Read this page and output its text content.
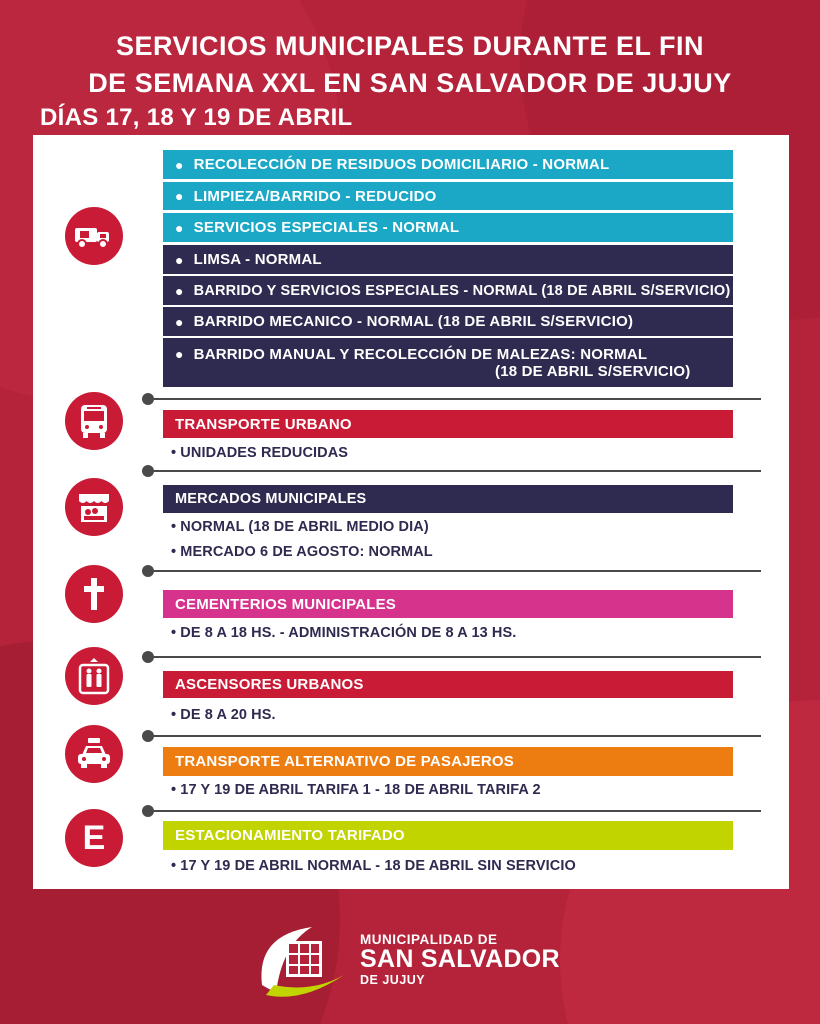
SERVICIOS MUNICIPALES DURANTE EL FIN
DE SEMANA XXL EN SAN SALVADOR DE JUJUY
DÍAS 17, 18 Y 19 DE ABRIL
● RECOLECCIÓN DE RESIDUOS DOMICILIARIO - NORMAL
● LIMPIEZA/BARRIDO - REDUCIDO
● SERVICIOS ESPECIALES - NORMAL
● LIMSA - NORMAL
● BARRIDO Y SERVICIOS ESPECIALES - NORMAL (18 DE ABRIL S/SERVICIO)
● BARRIDO MECANICO - NORMAL (18 DE ABRIL S/SERVICIO)
● BARRIDO MANUAL Y RECOLECCIÓN DE MALEZAS: NORMAL
(18 DE ABRIL S/SERVICIO)
TRANSPORTE URBANO
• UNIDADES REDUCIDAS
MERCADOS MUNICIPALES
• NORMAL (18 DE ABRIL MEDIO DIA)
• MERCADO 6 DE AGOSTO: NORMAL
CEMENTERIOS MUNICIPALES
• DE 8 A 18 HS. - ADMINISTRACIÓN DE 8 A 13 HS.
ASCENSORES URBANOS
• DE 8 A 20 HS.
TRANSPORTE ALTERNATIVO DE PASAJEROS
• 17 Y 19 DE ABRIL TARIFA 1 - 18 DE ABRIL TARIFA 2
E	ESTACIONAMIENTO TARIFADO
• 17 Y 19 DE ABRIL NORMAL - 18 DE ABRIL SIN SERVICIO
MUNICIPALIDAD DE
SAN SALVADOR
DE JUJUY
